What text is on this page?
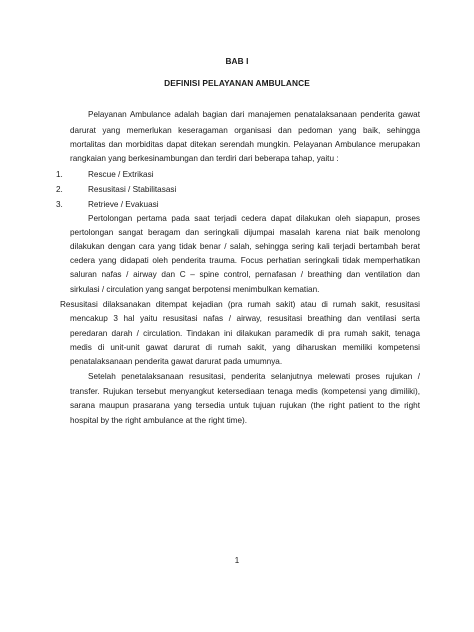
BAB I
DEFINISI PELAYANAN AMBULANCE
Pelayanan Ambulance adalah bagian dari manajemen penatalaksanaan penderita gawat
darurat yang memerlukan keseragaman organisasi dan pedoman yang baik, sehingga
mortalitas dan morbiditas dapat ditekan serendah mungkin. Pelayanan Ambulance merupakan
rangkaian yang berkesinambungan dan terdiri dari beberapa tahap, yaitu :
1.	Rescue / Extrikasi
2.	Resusitasi / Stabilitasasi
3.	Retrieve / Evakuasi
Pertolongan pertama pada saat terjadi cedera dapat dilakukan oleh siapapun, proses
pertolongan sangat beragam dan seringkali dijumpai masalah karena niat baik menolong
dilakukan dengan cara yang tidak benar / salah, sehingga sering kali terjadi bertambah berat
cedera yang didapati oleh penderita trauma. Focus perhatian seringkali tidak memperhatikan
saluran nafas / airway dan C – spine control, pernafasan / breathing dan ventilation dan
sirkulasi / circulation yang sangat berpotensi menimbulkan kematian.
Resusitasi dilaksanakan ditempat kejadian (pra rumah sakit) atau di rumah sakit, resusitasi
mencakup 3 hal yaitu resusitasi nafas / airway, resusitasi breathing dan ventilasi serta
peredaran darah / circulation. Tindakan ini dilakukan paramedik di pra rumah sakit, tenaga
medis di unit-unit gawat darurat di rumah sakit, yang diharuskan memiliki kompetensi
penatalaksanaan penderita gawat darurat pada umumnya.
Setelah penetalaksanaan resusitasi, penderita selanjutnya melewati proses rujukan /
transfer. Rujukan tersebut menyangkut ketersediaan tenaga medis (kompetensi yang dimiliki),
sarana maupun prasarana yang tersedia untuk tujuan rujukan (the right patient to the right
hospital by the right ambulance at the right time).
1
